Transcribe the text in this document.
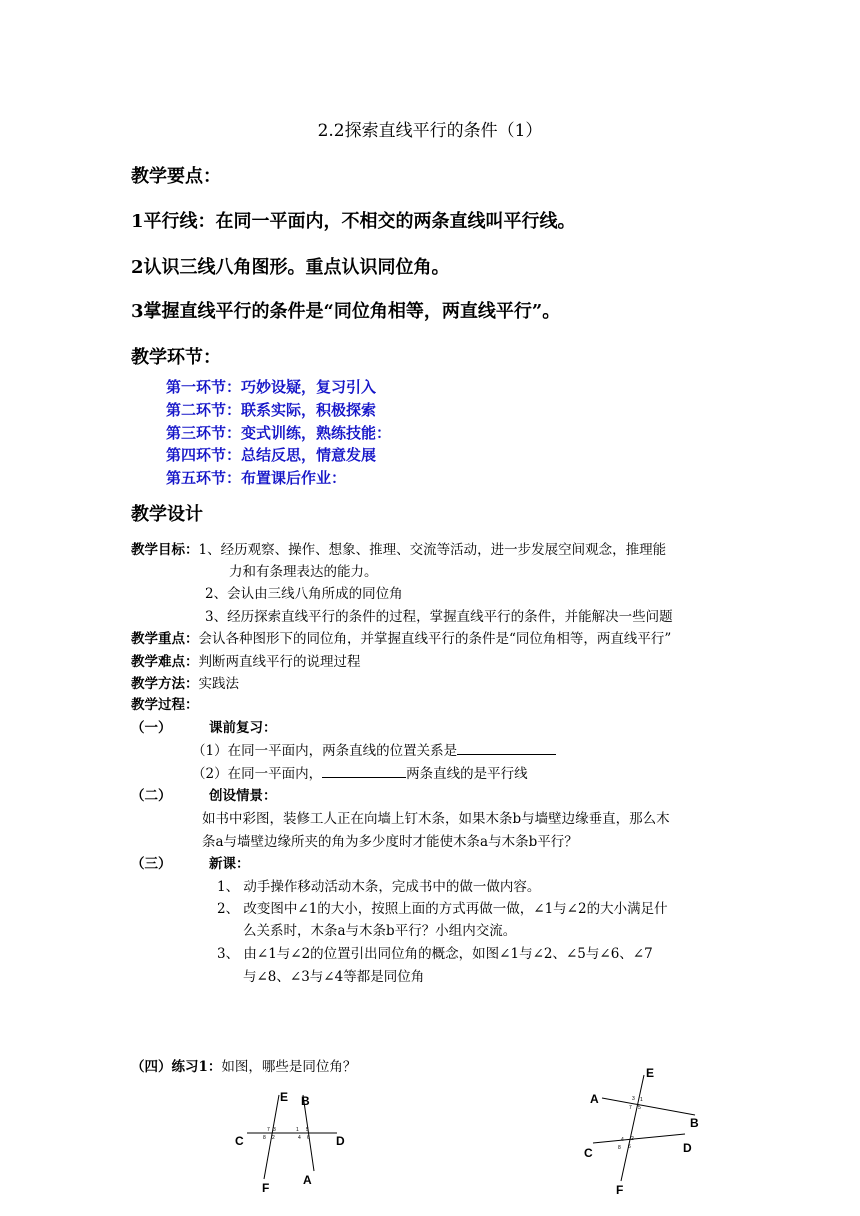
2.2探索直线平行的条件（1）
教学要点：
1平行线：在同一平面内，不相交的两条直线叫平行线。
2认识三线八角图形。重点认识同位角。
3掌握直线平行的条件是“同位角相等，两直线平行”。
教学环节：
第一环节：巧妙设疑，复习引入
第二环节：联系实际，积极探索
第三环节：变式训练，熟练技能：
第四环节：总结反思，情意发展
第五环节：布置课后作业：
教学设计
教学目标：1、经历观察、操作、想象、推理、交流等活动，进一步发展空间观念，推理能
力和有条理表达的能力。
2、会认由三线八角所成的同位角
3、经历探索直线平行的条件的过程，掌握直线平行的条件，并能解决一些问题
教学重点：会认各种图形下的同位角，并掌握直线平行的条件是“同位角相等，两直线平行”
教学难点：判断两直线平行的说理过程
教学方法：实践法
教学过程：
（一）	课前复习：
（1）在同一平面内，两条直线的位置关系是
（2）在同一平面内，	两条直线的是平行线
（二）	创设情景：
如书中彩图，装修工人正在向墙上钉木条，如果木条b与墙壁边缘垂直，那么木
条a与墙壁边缘所夹的角为多少度时才能使木条a与木条b平行？
（三）	新课：
1、 动手操作移动活动木条，完成书中的做一做内容。
2、 改变图中∠1的大小，按照上面的方式再做一做，∠1与∠2的大小满足什
么关系时，木条a与木条b平行？小组内交流。
3、 由∠1与∠2的位置引出同位角的概念，如图∠1与∠2、∠5与∠6、∠7
与∠8、∠3与∠4等都是同位角
（四）练习1：如图，哪些是同位角？
E B
C	D
F
A
7 3	1 5
8 2	4 6
E
A
B
C	D
F
3 1
7 5
4 2
8 6
